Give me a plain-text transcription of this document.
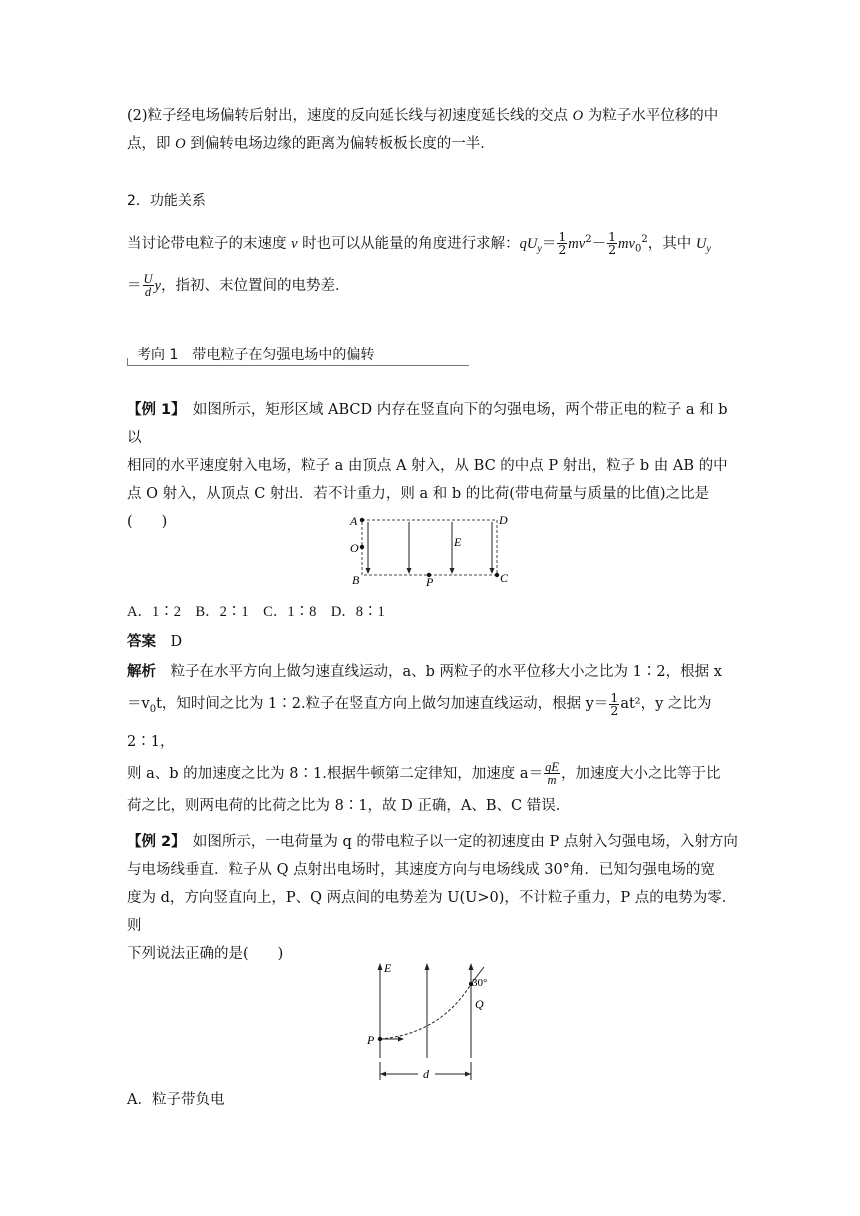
(2)粒子经电场偏转后射出，速度的反向延长线与初速度延长线的交点 O 为粒子水平位移的中
点，即 O 到偏转电场边缘的距离为偏转板板长度的一半．

2．功能关系
当讨论带电粒子的末速度 v 时也可以从能量的角度进行求解：$qU_y= \frac{1}{2} mv^2- \frac{1}{2} mv_0^2$，其中 $U_y$
＝ $\frac{U}{d}$ y，指初、末位置间的电势差．
考向 1　带电粒子在匀强电场中的偏转

【例 1】　如图所示，矩形区域 ABCD 内存在竖直向下的匀强电场，两个带正电的粒子 a 和 b 以
相同的水平速度射入电场，粒子 a 由顶点 A 射入，从 BC 的中点 P 射出，粒子 b 由 AB 的中
点 O 射入，从顶点 C 射出．若不计重力，则 a 和 b 的比荷(带电荷量与质量的比值)之比是
(　　)	A
O
B	P	C
D
E
A．1∶2　B．2∶1　C．1∶8　D．8∶1
答案　 D
解析　粒子在水平方向上做匀速直线运动，a、b 两粒子的水平位移大小之比为 1∶2，根据 x
$=v_0t$，知时间之比为 1∶2.粒子在竖直方向上做匀加速直线运动，根据 $y= \frac{1}{2} at^2$，y 之比为 2∶1，
则 a、b 的加速度之比为 8∶1.根据牛顿第二定律知，加速度 $a= \frac{qE}{m}$ ，加速度大小之比等于比
荷之比，则两电荷的比荷之比为 8∶1，故 D 正确，A、B、C 错误．

【例 2】　如图所示，一电荷量为 q 的带电粒子以一定的初速度由 P 点射入匀强电场，入射方向
与电场线垂直．粒子从 Q 点射出电场时，其速度方向与电场线成 30°角．已知匀强电场的宽
度为 d，方向竖直向上，P、Q 两点间的电势差为 U(U>0)，不计粒子重力，P 点的电势为零．则
下列说法正确的是(　　)

E
30°
Q
P
d
A．粒子带负电
